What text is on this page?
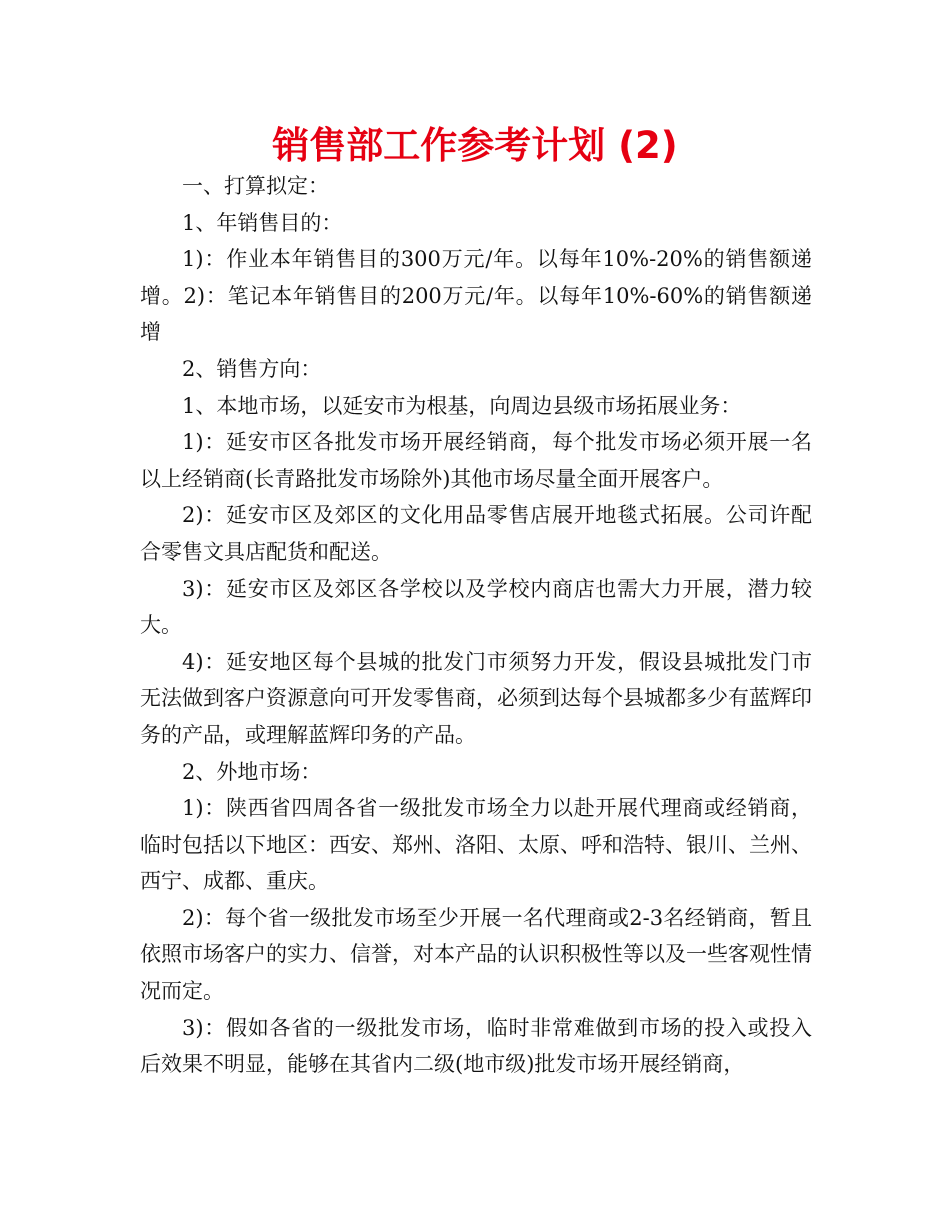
销售部工作参考计划 (2)

一、打算拟定：

1、年销售目的：

1)：作业本年销售目的300万元/年。以每年10%-20%的销售额递增。2)：笔记本年销售目的200万元/年。以每年10%-60%的销售额递增

2、销售方向：

1、本地市场，以延安市为根基，向周边县级市场拓展业务：

1)：延安市区各批发市场开展经销商，每个批发市场必须开展一名以上经销商(长青路批发市场除外)其他市场尽量全面开展客户。

2)：延安市区及郊区的文化用品零售店展开地毯式拓展。公司许配合零售文具店配货和配送。

3)：延安市区及郊区各学校以及学校内商店也需大力开展，潜力较大。

4)：延安地区每个县城的批发门市须努力开发，假设县城批发门市无法做到客户资源意向可开发零售商，必须到达每个县城都多少有蓝辉印务的产品，或理解蓝辉印务的产品。

2、外地市场：

1)：陕西省四周各省一级批发市场全力以赴开展代理商或经销商，临时包括以下地区：西安、郑州、洛阳、太原、呼和浩特、银川、兰州、西宁、成都、重庆。

2)：每个省一级批发市场至少开展一名代理商或2-3名经销商，暂且依照市场客户的实力、信誉，对本产品的认识积极性等以及一些客观性情况而定。

3)：假如各省的一级批发市场，临时非常难做到市场的投入或投入后效果不明显，能够在其省内二级(地市级)批发市场开展经销商，
